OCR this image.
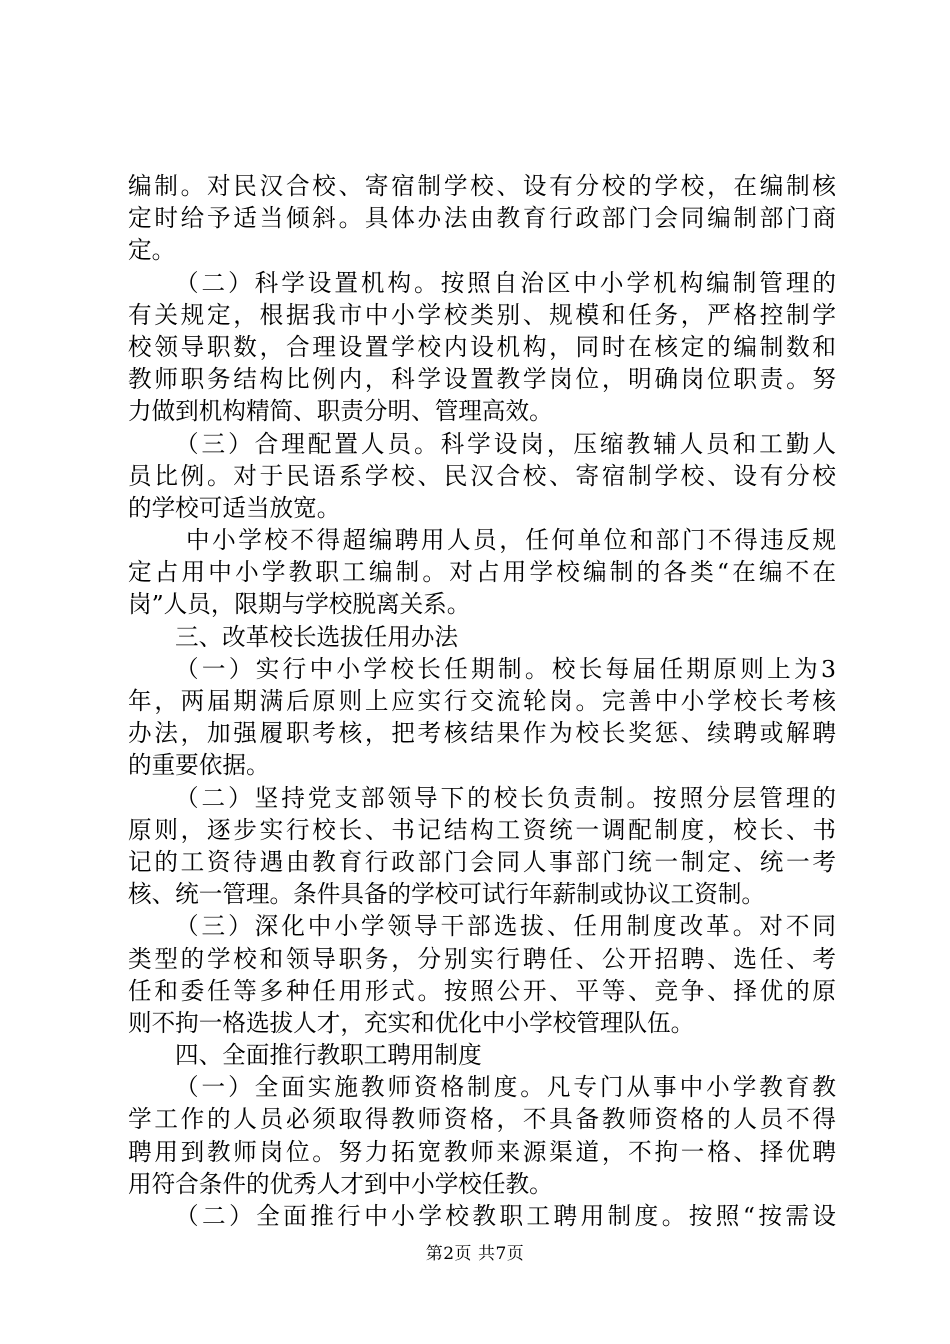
编制。对民汉合校、寄宿制学校、设有分校的学校，在编制核
定时给予适当倾斜。具体办法由教育行政部门会同编制部门商
定。
（二）科学设置机构。按照自治区中小学机构编制管理的
有关规定，根据我市中小学校类别、规模和任务，严格控制学
校领导职数，合理设置学校内设机构，同时在核定的编制数和
教师职务结构比例内，科学设置教学岗位，明确岗位职责。努
力做到机构精简、职责分明、管理高效。
（三）合理配置人员。科学设岗，压缩教辅人员和工勤人
员比例。对于民语系学校、民汉合校、寄宿制学校、设有分校
的学校可适当放宽。
中小学校不得超编聘用人员，任何单位和部门不得违反规
定占用中小学教职工编制。对占用学校编制的各类“在编不在
岗”人员，限期与学校脱离关系。
三、改革校长选拔任用办法
（一）实行中小学校长任期制。校长每届任期原则上为3
年，两届期满后原则上应实行交流轮岗。完善中小学校长考核
办法，加强履职考核，把考核结果作为校长奖惩、续聘或解聘
的重要依据。
（二）坚持党支部领导下的校长负责制。按照分层管理的
原则，逐步实行校长、书记结构工资统一调配制度，校长、书
记的工资待遇由教育行政部门会同人事部门统一制定、统一考
核、统一管理。条件具备的学校可试行年薪制或协议工资制。
（三）深化中小学领导干部选拔、任用制度改革。对不同
类型的学校和领导职务，分别实行聘任、公开招聘、选任、考
任和委任等多种任用形式。按照公开、平等、竞争、择优的原
则不拘一格选拔人才，充实和优化中小学校管理队伍。
四、全面推行教职工聘用制度
（一）全面实施教师资格制度。凡专门从事中小学教育教
学工作的人员必须取得教师资格，不具备教师资格的人员不得
聘用到教师岗位。努力拓宽教师来源渠道，不拘一格、择优聘
用符合条件的优秀人才到中小学校任教。
（二）全面推行中小学校教职工聘用制度。按照“按需设
第2页 共7页
